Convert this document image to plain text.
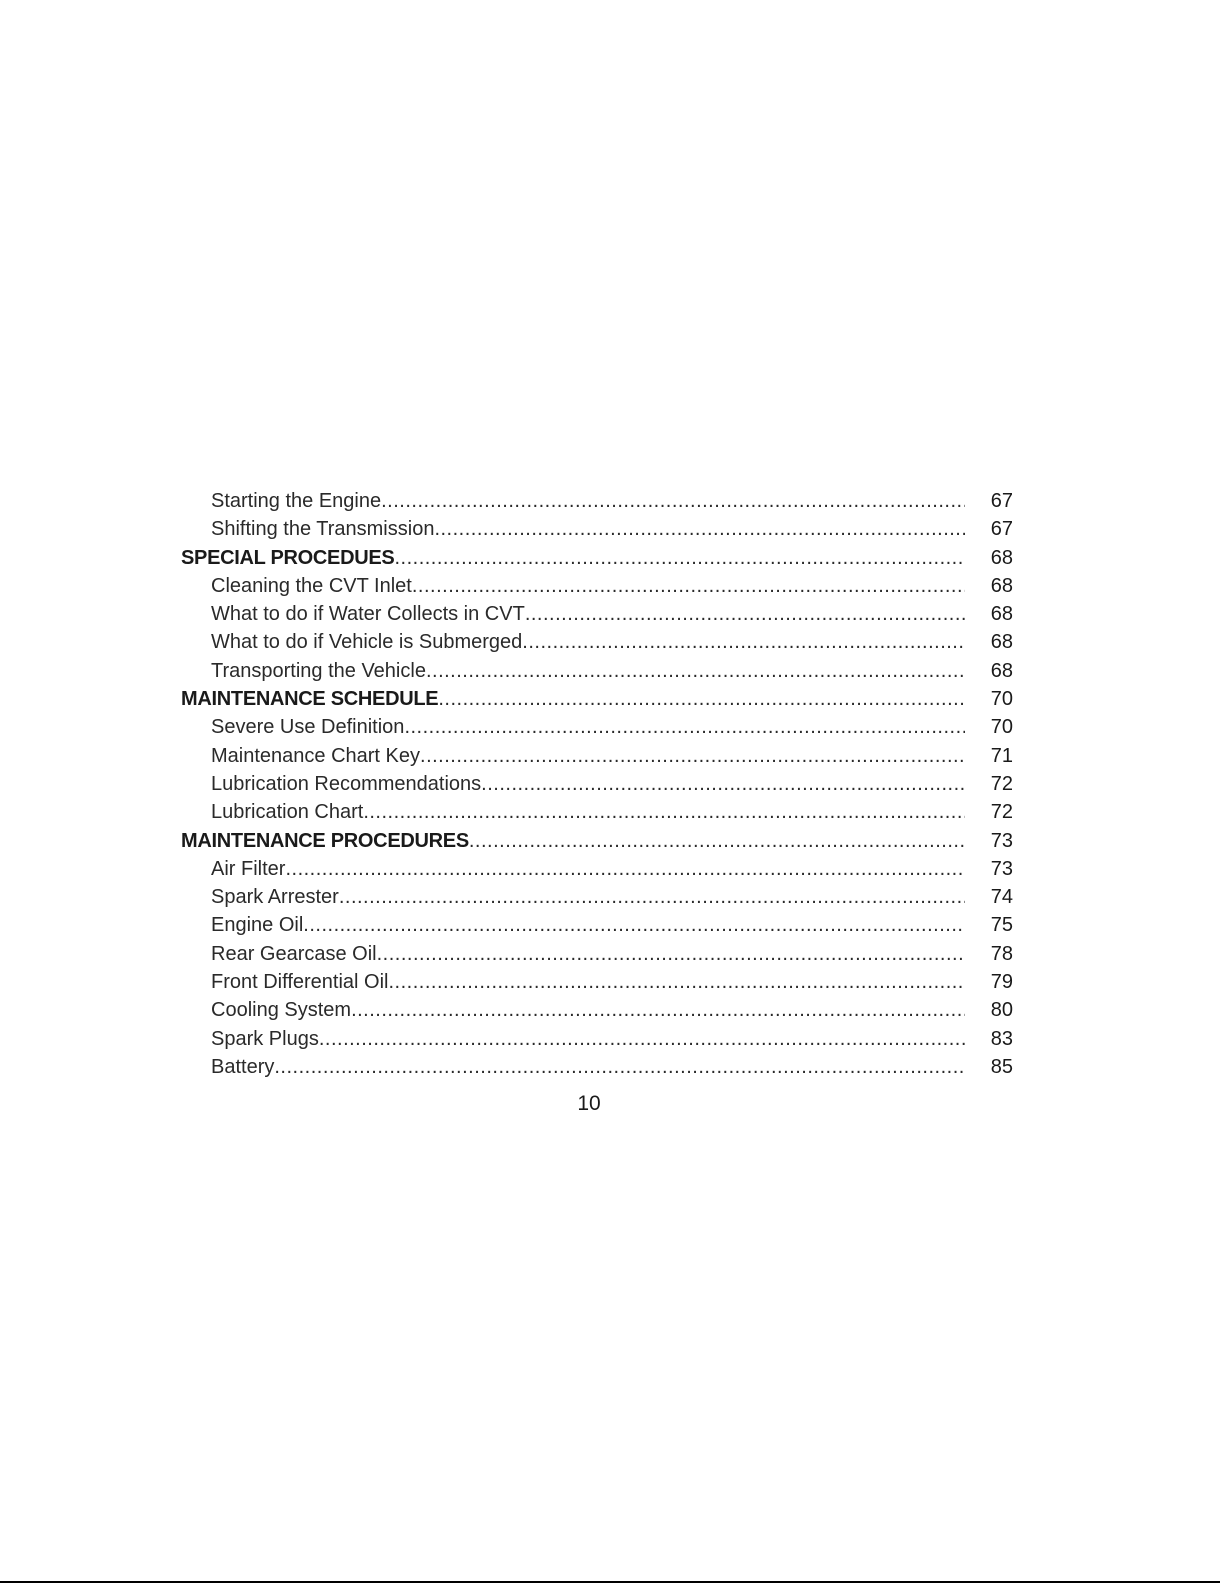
Starting the Engine .....	67
Shifting the Transmission .....	67
SPECIAL PROCEDUES .....	68
Cleaning the CVT Inlet .....	68
What to do if Water Collects in CVT .....	68
What to do if Vehicle is Submerged .....	68
Transporting the Vehicle .....	68
MAINTENANCE SCHEDULE .....	70
Severe Use Definition .....	70
Maintenance Chart Key .....	71
Lubrication Recommendations .....	72
Lubrication Chart .....	72
MAINTENANCE PROCEDURES .....	73
Air Filter .....	73
Spark Arrester .....	74
Engine Oil .....	75
Rear Gearcase Oil .....	78
Front Differential Oil .....	79
Cooling System .....	80
Spark Plugs .....	83
Battery .....	85
10
